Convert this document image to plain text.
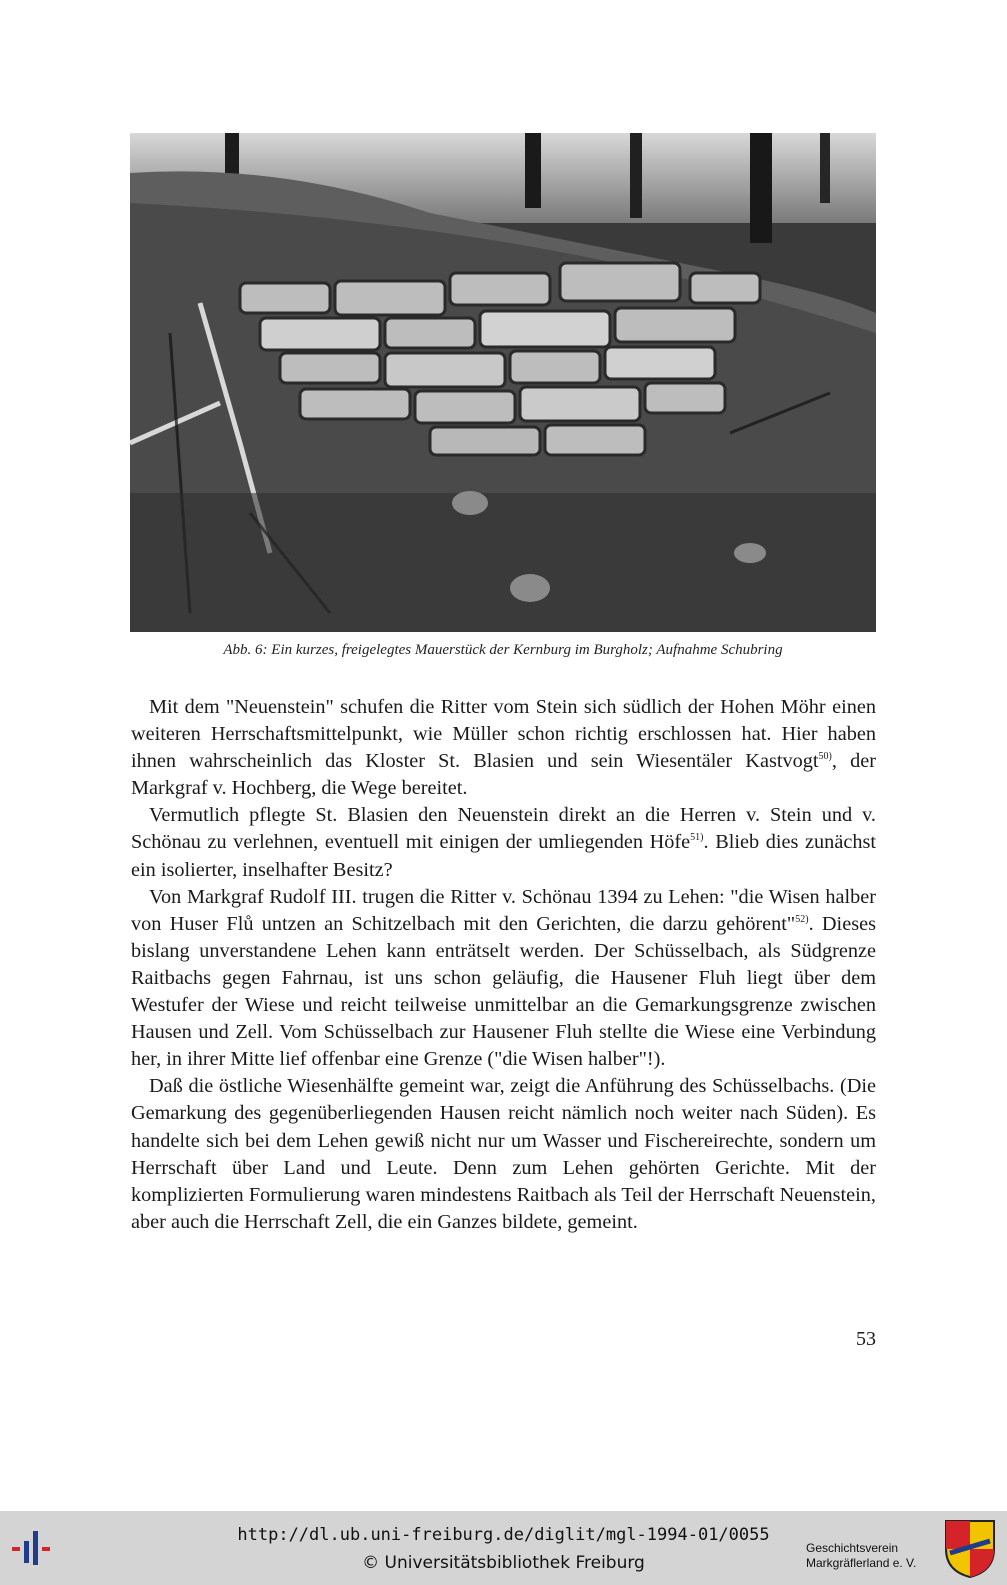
Abb. 6: Ein kurzes, freigelegtes Mauerstück der Kernburg im Burgholz; Aufnahme Schubring

Mit dem "Neuenstein" schufen die Ritter vom Stein sich südlich der Hohen Möhr einen weiteren Herrschaftsmittelpunkt, wie Müller schon richtig erschlossen hat. Hier haben ihnen wahrscheinlich das Kloster St. Blasien und sein Wiesentäler Kastvogt$^{50)}$, der Markgraf v. Hochberg, die Wege bereitet.

Vermutlich pflegte St. Blasien den Neuenstein direkt an die Herren v. Stein und v. Schönau zu verlehnen, eventuell mit einigen der umliegenden Höfe$^{51)}$. Blieb dies zunächst ein isolierter, inselhafter Besitz?

Von Markgraf Rudolf III. trugen die Ritter v. Schönau 1394 zu Lehen: "die Wisen halber von Huser Flů untzen an Schitzelbach mit den Gerichten, die darzu gehörent"$^{52)}$. Dieses bislang unverstandene Lehen kann enträtselt werden. Der Schüsselbach, als Südgrenze Raitbachs gegen Fahrnau, ist uns schon geläufig, die Hausener Fluh liegt über dem Westufer der Wiese und reicht teilweise unmittelbar an die Gemarkungsgrenze zwischen Hausen und Zell. Vom Schüsselbach zur Hausener Fluh stellte die Wiese eine Verbindung her, in ihrer Mitte lief offenbar eine Grenze ("die Wisen halber"!).

Daß die östliche Wiesenhälfte gemeint war, zeigt die Anführung des Schüsselbachs. (Die Gemarkung des gegenüberliegenden Hausen reicht nämlich noch weiter nach Süden). Es handelte sich bei dem Lehen gewiß nicht nur um Wasser und Fischereirechte, sondern um Herrschaft über Land und Leute. Denn zum Lehen gehörten Gerichte. Mit der komplizierten Formulierung waren mindestens Raitbach als Teil der Herrschaft Neuenstein, aber auch die Herrschaft Zell, die ein Ganzes bildete, gemeint.

53
http://dl.ub.uni-freiburg.de/diglit/mgl-1994-01/0055
© Universitätsbibliothek Freiburg
Geschichtsverein
Markgräflerland e. V.
